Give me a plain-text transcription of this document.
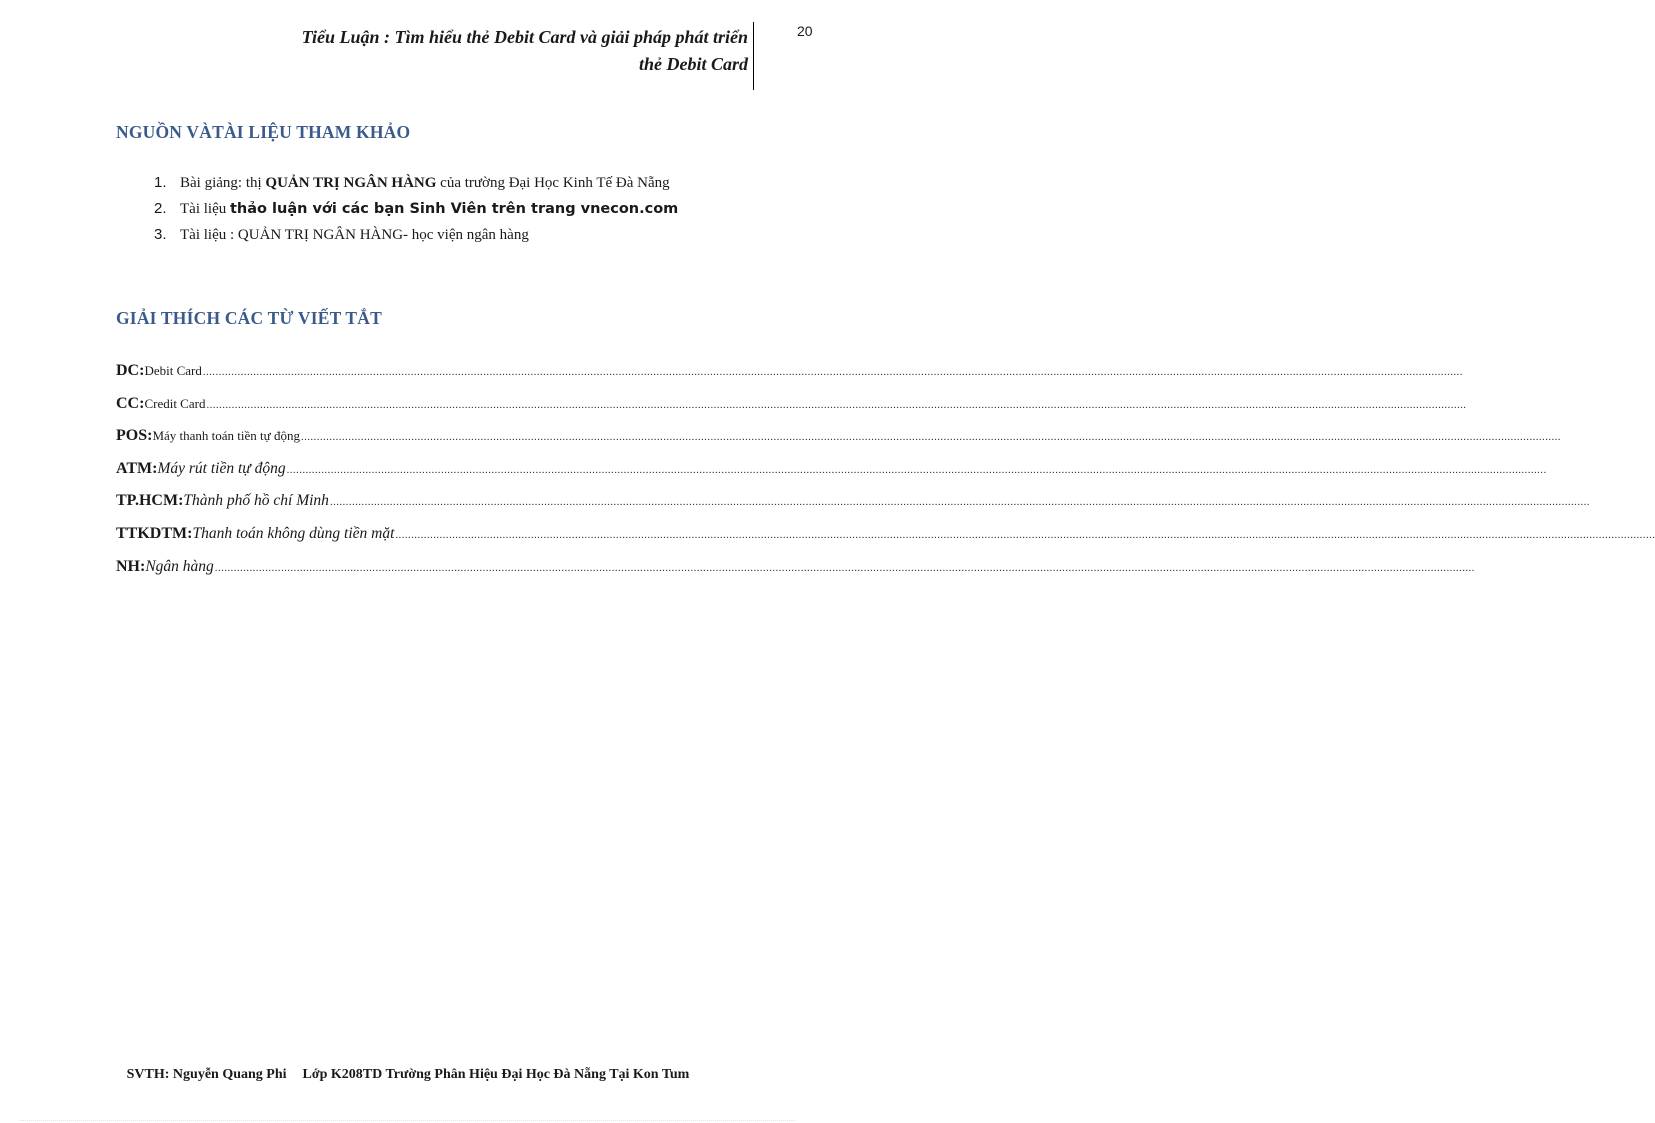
Tiểu Luận : Tìm hiểu thẻ Debit Card và giải pháp phát triển
thẻ Debit Card
20
NGUỒN VÀTÀI LIỆU THAM KHẢO
1. Bài giảng: thị QUẢN TRỊ NGÂN HÀNG của trường Đại Học Kinh Tế Đà Nẵng
2. Tài liệu thảo luận với các bạn Sinh Viên trên trang vnecon.com
3. Tài liệu : QUẢN TRỊ NGÂN HÀNG- học viện ngân hàng
GIẢI THÍCH CÁC TỪ VIẾT TẮT
DC : Debit Card ................................................................................................................................................................................................................................................................................................................................................................................................................
CC : Credit Card ................................................................................................................................................................................................................................................................................................................................................................................................................
POS : Máy thanh toán tiền tự động ................................................................................................................................................................................................................................................................................................................................................................................................................
ATM : Máy rút tiền tự động ................................................................................................................................................................................................................................................................................................................................................................................................................
TP.HCM : Thành phố hồ chí Minh ................................................................................................................................................................................................................................................................................................................................................................................................................
TTKDTM : Thanh toán không dùng tiền mặt ................................................................................................................................................................................................................................................................................................................................................................................................................
NH : Ngân hàng ................................................................................................................................................................................................................................................................................................................................................................................................................
SVTH: Nguyễn Quang Phi Lớp K208TD Trường Phân Hiệu Đại Học Đà Nẵng Tại Kon Tum
